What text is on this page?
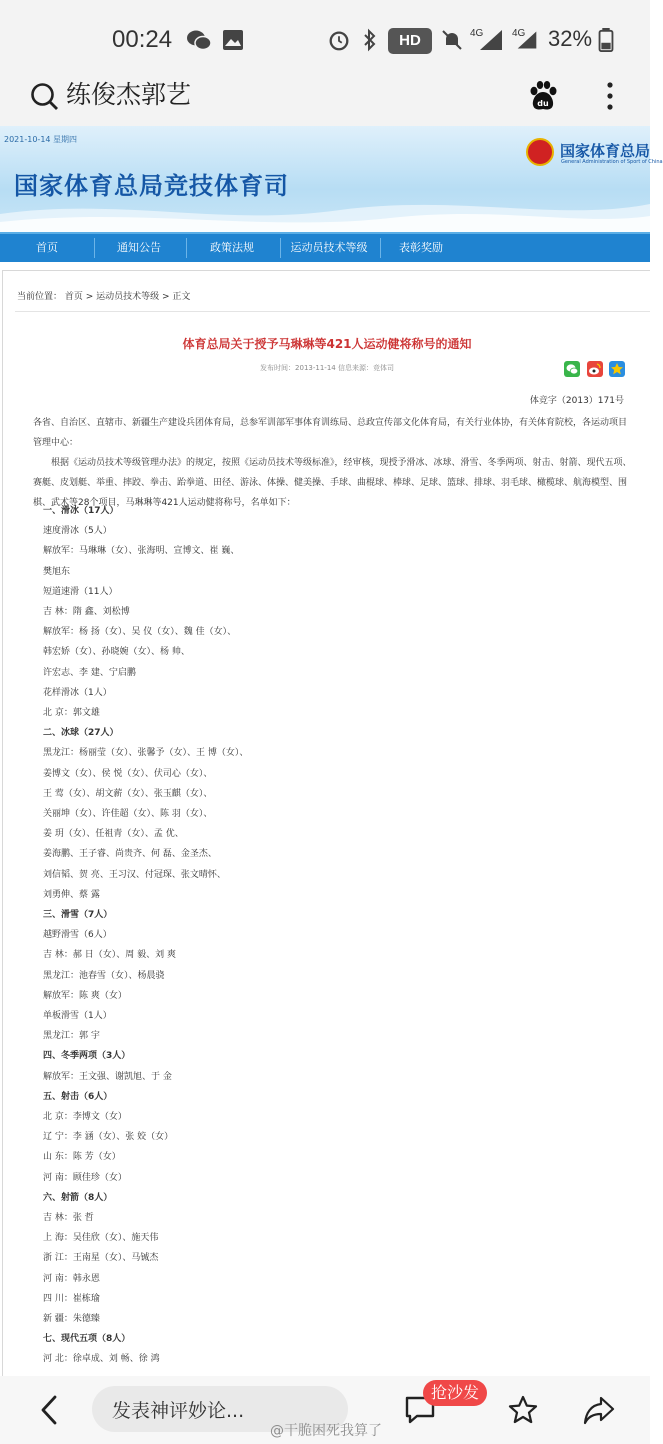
00:24	HD	4G	4G 32%
练俊杰郭艺	du
2021-10-14 星期四
国家体育总局竞技体育司
国家体育总局
General Administration of Sport of China
首页	通知公告	政策法规	运动员技术等级	表彰奖励
当前位置： 首页 > 运动员技术等级 > 正文
体育总局关于授予马琳琳等421人运动健将称号的通知
发布时间：2013-11-14 信息来源：竞体司
体竞字（2013）171号
各省、自治区、直辖市、新疆生产建设兵团体育局，总参军训部军事体育训练局、总政宣传部文化体育局，有关行业体协，有关体育院校，各运动项目管理中心：
根据《运动员技术等级管理办法》的规定，按照《运动员技术等级标准》，经审核，现授予滑冰、冰球、滑雪、冬季两项、射击、射箭、现代五项、赛艇、皮划艇、举重、摔跤、拳击、跆拳道、田径、游泳、体操、健美操、手球、曲棍球、棒球、足球、篮球、排球、羽毛球、橄榄球、航海模型、围棋、武术等28个项目，马琳琳等421人运动健将称号，名单如下：
一、滑冰（17人）
速度滑冰（5人）
解放军：马琳琳（女）、张海明、宣博文、崔 巍、
樊旭东
短道速滑（11人）
吉 林：隋 鑫、刘松博
解放军：杨 扬（女）、吴 仪（女）、魏 佳（女）、
韩宏娇（女）、孙晓婉（女）、杨 帅、
许宏志、李 建、宁启鹏
花样滑冰（1人）
北 京：郭文雄
二、冰球（27人）
黑龙江：杨丽莹（女）、张馨予（女）、王 博（女）、
姜博文（女）、侯 悦（女）、伏司心（女）、
王 莺（女）、胡文薪（女）、张玉麒（女）、
关丽坤（女）、许佳超（女）、陈 羽（女）、
姜 玥（女）、任祖青（女）、孟 优、
姜海鹏、王子睿、尚贵齐、何 磊、金圣杰、
刘信韬、贺 亮、王习汉、付冠琛、张文晴怀、
刘勇伸、蔡 露
三、滑雪（7人）
越野滑雪（6人）
吉 林：郝 日（女）、周 毅、刘 爽
黑龙江：池春雪（女）、杨晨骁
解放军：陈 爽（女）
单板滑雪（1人）
黑龙江：郭 宇
四、冬季两项（3人）
解放军：王文强、谢凯旭、于 金
五、射击（6人）
北 京：李博文（女）
辽 宁：李 涵（女）、张 姣（女）
山 东：陈 芳（女）
河 南：顾佳珍（女）
六、射箭（8人）
吉 林：张 哲
上 海：吴佳欣（女）、施天伟
浙 江：王南星（女）、马铖杰
河 南：韩永恩
四 川：崔栋瑜
新 疆：朱德臻
七、现代五项（8人）
河 北：徐卓成、刘 畅、徐 鸿
发表神评妙论...
抢沙发
@干脆困死我算了
